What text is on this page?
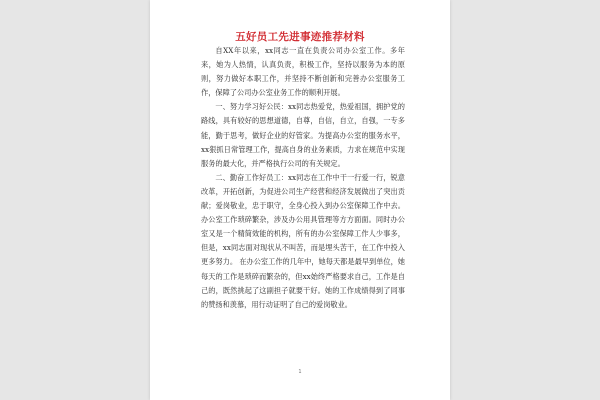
五好员工先进事迹推荐材料

自XX年以来，xx同志一直在负责公司办公室工作。多年来，她为人热情，认真负责，积极工作，坚持以服务为本的原则，努力做好本职工作，并坚持不断创新和完善办公室服务工作，保障了公司办公室业务工作的顺利开展。

一、努力学习好公民：xx同志热爱党，热爱祖国，拥护党的路线，具有较好的思想道德，自尊，自信，自立，自强，一专多能，勤于思考，做好企业的好管家。为提高办公室的服务水平，xx狠抓日常管理工作，提高自身的业务素质，力求在规范中实现服务的最大化，并严格执行公司的有关规定。

二、勤奋工作好员工：xx同志在工作中干一行爱一行，锐意改革，开拓创新，为促进公司生产经营和经济发展做出了突出贡献；爱岗敬业，忠于职守，全身心投入到办公室保障工作中去。办公室工作琐碎繁杂，涉及办公用具管理等方方面面。同时办公室又是一个精简效能的机构，所有的办公室保障工作人少事多，但是，xx同志面对现状从不叫苦，而是埋头苦干，在工作中投入更多努力。 在办公室工作的几年中，她每天都是最早到单位，她每天的工作是琐碎而繁杂的，但xx始终严格要求自己，工作是自己的，既然挑起了这副担子就要干好。她的工作成绩得到了同事的赞扬和羡慕，用行动证明了自己的爱岗敬业。

1
